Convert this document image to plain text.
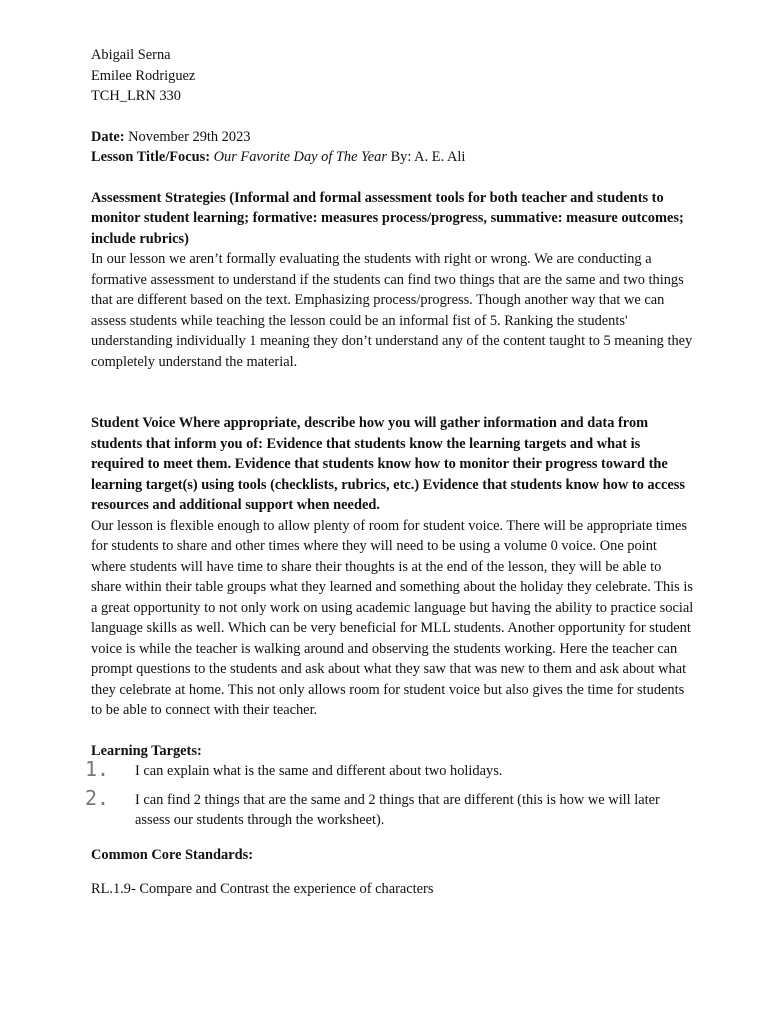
Abigail Serna
Emilee Rodriguez
TCH_LRN 330
Date: November 29th 2023
Lesson Title/Focus: Our Favorite Day of The Year By: A. E. Ali
Assessment Strategies (Informal and formal assessment tools for both teacher and students to monitor student learning; formative: measures process/progress, summative: measure outcomes; include rubrics)
In our lesson we aren’t formally evaluating the students with right or wrong. We are conducting a formative assessment to understand if the students can find two things that are the same and two things that are different based on the text. Emphasizing process/progress. Though another way that we can assess students while teaching the lesson could be an informal fist of 5. Ranking the students' understanding individually 1 meaning they don’t understand any of the content taught to 5 meaning they completely understand the material.
Student Voice Where appropriate, describe how you will gather information and data from students that inform you of: Evidence that students know the learning targets and what is required to meet them. Evidence that students know how to monitor their progress toward the learning target(s) using tools (checklists, rubrics, etc.) Evidence that students know how to access resources and additional support when needed.
Our lesson is flexible enough to allow plenty of room for student voice. There will be appropriate times for students to share and other times where they will need to be using a volume 0 voice. One point where students will have time to share their thoughts is at the end of the lesson, they will be able to share within their table groups what they learned and something about the holiday they celebrate. This is a great opportunity to not only work on using academic language but having the ability to practice social language skills as well. Which can be very beneficial for MLL students. Another opportunity for student voice is while the teacher is walking around and observing the students working. Here the teacher can prompt questions to the students and ask about what they saw that was new to them and ask about what they celebrate at home. This not only allows room for student voice but also gives the time for students to be able to connect with their teacher.
Learning Targets:
1. I can explain what is the same and different about two holidays.
2. I can find 2 things that are the same and 2 things that are different (this is how we will later assess our students through the worksheet).
Common Core Standards:
RL.1.9- Compare and Contrast the experience of characters
